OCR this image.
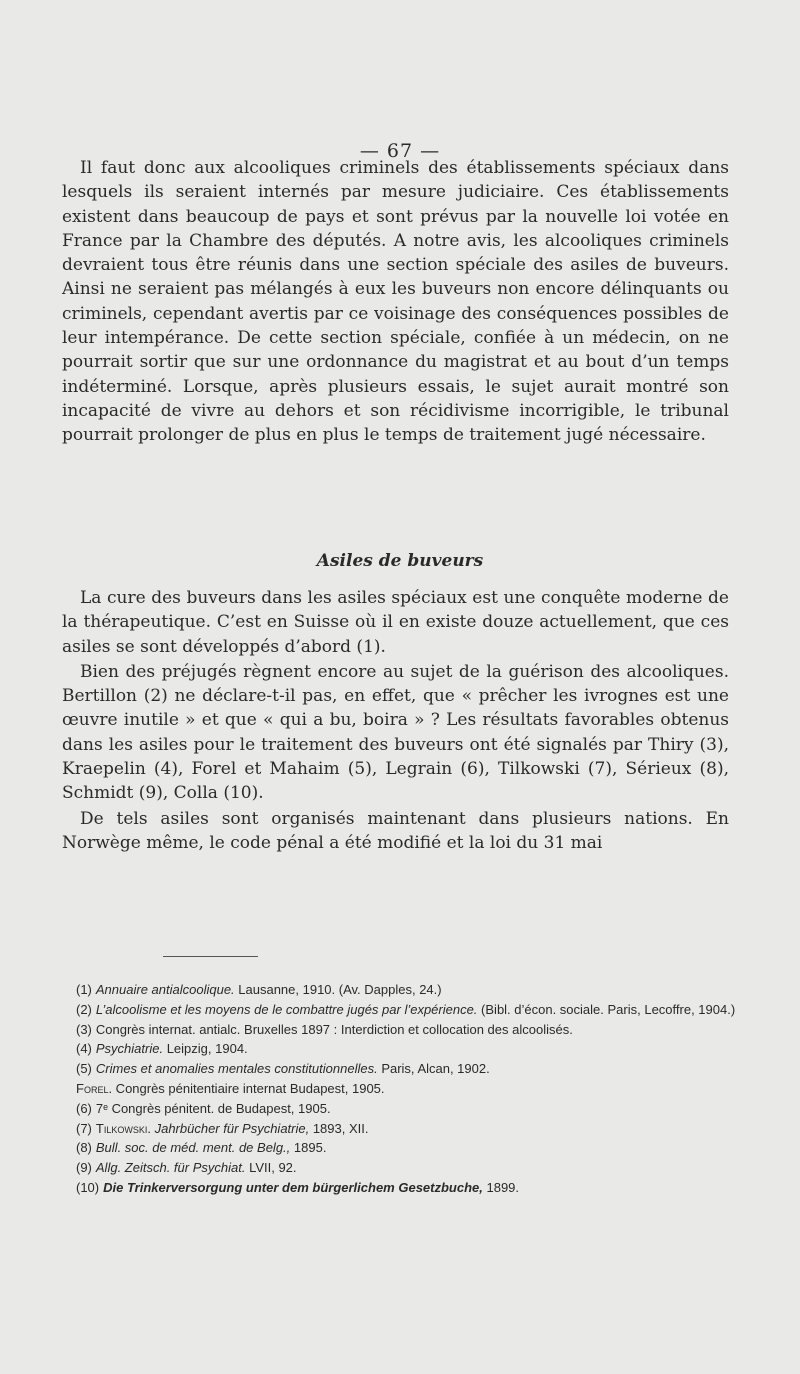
— 67 —

Il faut donc aux alcooliques criminels des établissements spéciaux dans lesquels ils seraient internés par mesure judiciaire. Ces établissements existent dans beaucoup de pays et sont prévus par la nouvelle loi votée en France par la Chambre des députés. A notre avis, les alcooliques criminels devraient tous être réunis dans une section spéciale des asiles de buveurs. Ainsi ne seraient pas mélangés à eux les buveurs non encore délinquants ou criminels, cependant avertis par ce voisinage des conséquences possibles de leur intempérance. De cette section spéciale, confiée à un médecin, on ne pourrait sortir que sur une ordonnance du magistrat et au bout d’un temps indéterminé. Lorsque, après plusieurs essais, le sujet aurait montré son incapacité de vivre au dehors et son récidivisme incorrigible, le tribunal pourrait prolonger de plus en plus le temps de traitement jugé nécessaire.

Asiles de buveurs

La cure des buveurs dans les asiles spéciaux est une conquête moderne de la thérapeutique. C’est en Suisse où il en existe douze actuellement, que ces asiles se sont développés d’abord (1).

Bien des préjugés règnent encore au sujet de la guérison des alcooliques. Bertillon (2) ne déclare-t-il pas, en effet, que « prêcher les ivrognes est une œuvre inutile » et que « qui a bu, boira » ? Les résultats favorables obtenus dans les asiles pour le traitement des buveurs ont été signalés par Thiry (3), Kraepelin (4), Forel et Mahaim (5), Legrain (6), Tilkowski (7), Sérieux (8), Schmidt (9), Colla (10).

De tels asiles sont organisés maintenant dans plusieurs nations. En Norwège même, le code pénal a été modifié et la loi du 31 mai

(1) Annuaire antialcoolique. Lausanne, 1910. (Av. Dapples, 24.)

(2) L’alcoolisme et les moyens de le combattre jugés par l’expérience. (Bibl. d’écon. sociale. Paris, Lecoffre, 1904.)

(3) Congrès internat. antialc. Bruxelles 1897 : Interdiction et collocation des alcoolisés.

(4) Psychiatrie. Leipzig, 1904.

(5) Crimes et anomalies mentales constitutionnelles. Paris, Alcan, 1902.

Forel. Congrès pénitentiaire internat Budapest, 1905.

(6) 7ᵉ Congrès pénitent. de Budapest, 1905.

(7) Tilkowski. Jahrbücher für Psychiatrie, 1893, XII.

(8) Bull. soc. de méd. ment. de Belg., 1895.

(9) Allg. Zeitsch. für Psychiat. LVII, 92.

(10) Die Trinkerversorgung unter dem bürgerlichem Gesetzbuche, 1899.
